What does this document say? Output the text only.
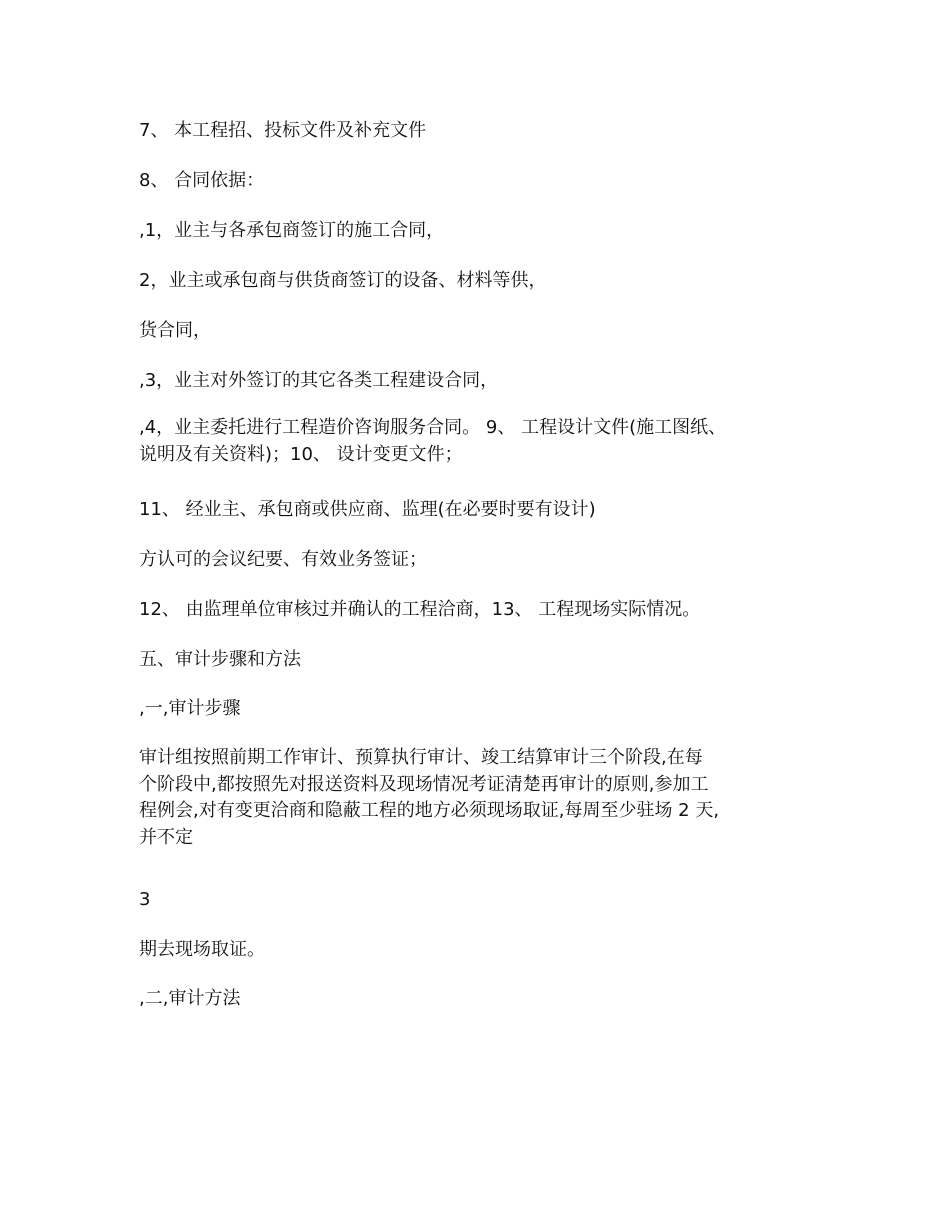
7、 本工程招、投标文件及补充文件
8、 合同依据：
,1，业主与各承包商签订的施工合同，
2，业主或承包商与供货商签订的设备、材料等供，
货合同，
,3，业主对外签订的其它各类工程建设合同，
,4，业主委托进行工程造价咨询服务合同。 9、 工程设计文件(施工图纸、
说明及有关资料)；10、 设计变更文件；
11、 经业主、承包商或供应商、监理(在必要时要有设计)
方认可的会议纪要、有效业务签证；
12、 由监理单位审核过并确认的工程洽商，13、 工程现场实际情况。
五、审计步骤和方法
,一,审计步骤
审计组按照前期工作审计、预算执行审计、竣工结算审计三个阶段,在每
个阶段中,都按照先对报送资料及现场情况考证清楚再审计的原则,参加工
程例会,对有变更洽商和隐蔽工程的地方必须现场取证,每周至少驻场 2 天,
并不定
3
期去现场取证。
,二,审计方法
